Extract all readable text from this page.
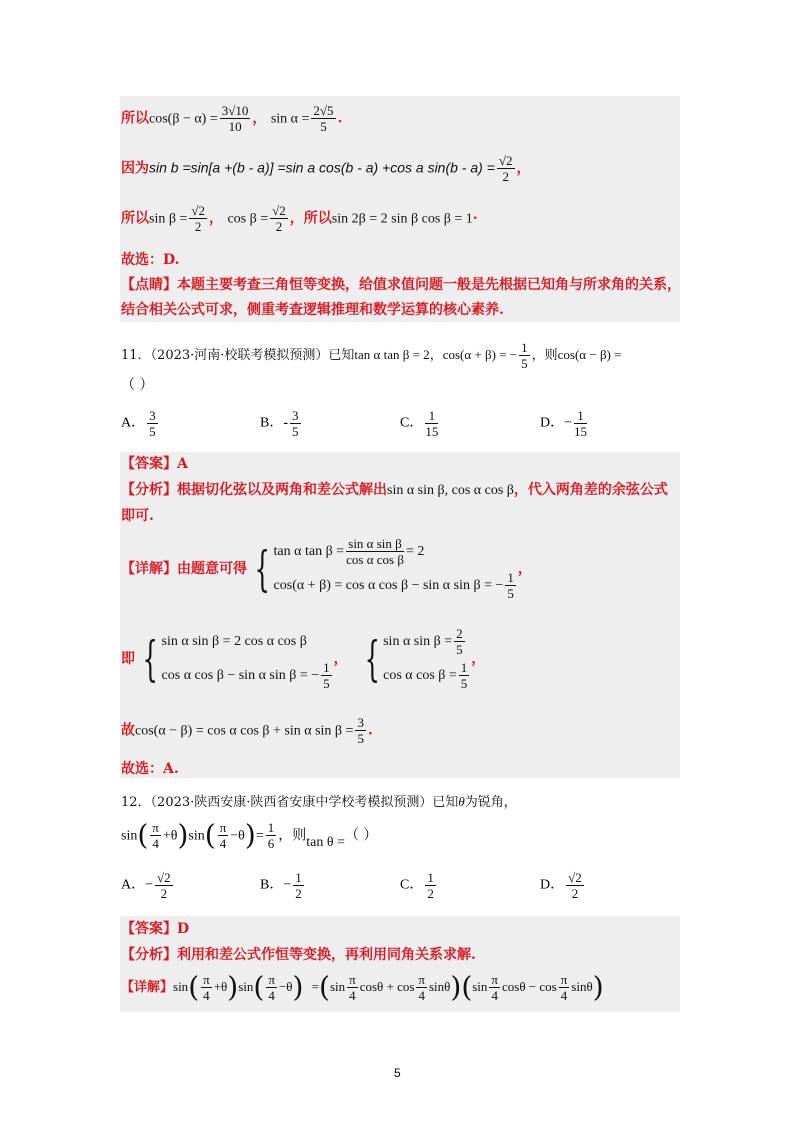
所以$\cos(\beta - \alpha) = \frac{3√10}{10}$ ， $\sin \alpha = \frac{2√5}{5}$ .
因为sin b =sin[a +(b - a)] =sin a cos(b - a) +cos a $\sin(b - a) = \frac{√2}{2}$ ，
所以$\sin \beta = \frac{√2}{2}$ ， $\cos \beta = \frac{√2}{2}$ ，所以sin 2β = 2 sin β cos β = 1·
故选：D.
【点睛】本题主要考查三角恒等变换，给值求值问题一般是先根据已知角与所求角的关系，
结合相关公式可求，侧重考查逻辑推理和数学运算的核心素养.
11．（2023·河南·校联考模拟预测）已知tan α tan β = 2，cos(α + β) = − $\frac{1}{5}$ ，则cos(α − β) =
（ ）
A． $\frac{3}{5}$	B．- $\frac{3}{5}$	C． $\frac{1}{15}$	D．− $\frac{1}{15}$
【答案】A
【分析】根据切化弦以及两角和差公式解出sin α sin β, cos α cos β，代入两角差的余弦公式
即可.
【详解】由题意可得 { tan α $\tan \beta = \frac{\text{sin α sin β}}{\text{cos α cos β}} = 2$
cos(α + β) = cos α cos β − sin α sin β = − $\frac{1}{5}$
，
即 { sin α sin β = 2 cos α cos β
cos α cos β − sin α sin β = − $\frac{1}{5}$
， { sin α $\sin \beta = \frac{2}{5}$
cos α $\cos \beta = \frac{1}{5}$
，
故cos(α − β) = cos α cos β + sin α $\sin \beta = \frac{3}{5}$ .
故选：A.
12．（2023·陕西安康·陕西省安康中学校考模拟预测）已知θ为锐角，
$\sin( \frac{\pi}{4} +\theta)\sin( \frac{\pi}{4} -\theta)= \frac{1}{6}$ ，则tan θ =（ ）
A．− $\frac{√2}{2}$	B．− $\frac{1}{2}$	C． $\frac{1}{2}$	D． $\frac{√2}{2}$
【答案】D
【分析】利用和差公式作恒等变换，再利用同角关系求解.
【详解】$\sin( \frac{\pi}{4} +\theta)\sin( \frac{\pi}{4} -\theta) =(\sin \frac{\pi}{4}$ $\cos\theta + \cos \frac{\pi}{4} \sin\theta)(\sin \frac{\pi}{4}$ $\cos\theta - \cos \frac{\pi}{4} \sin\theta$)
5
